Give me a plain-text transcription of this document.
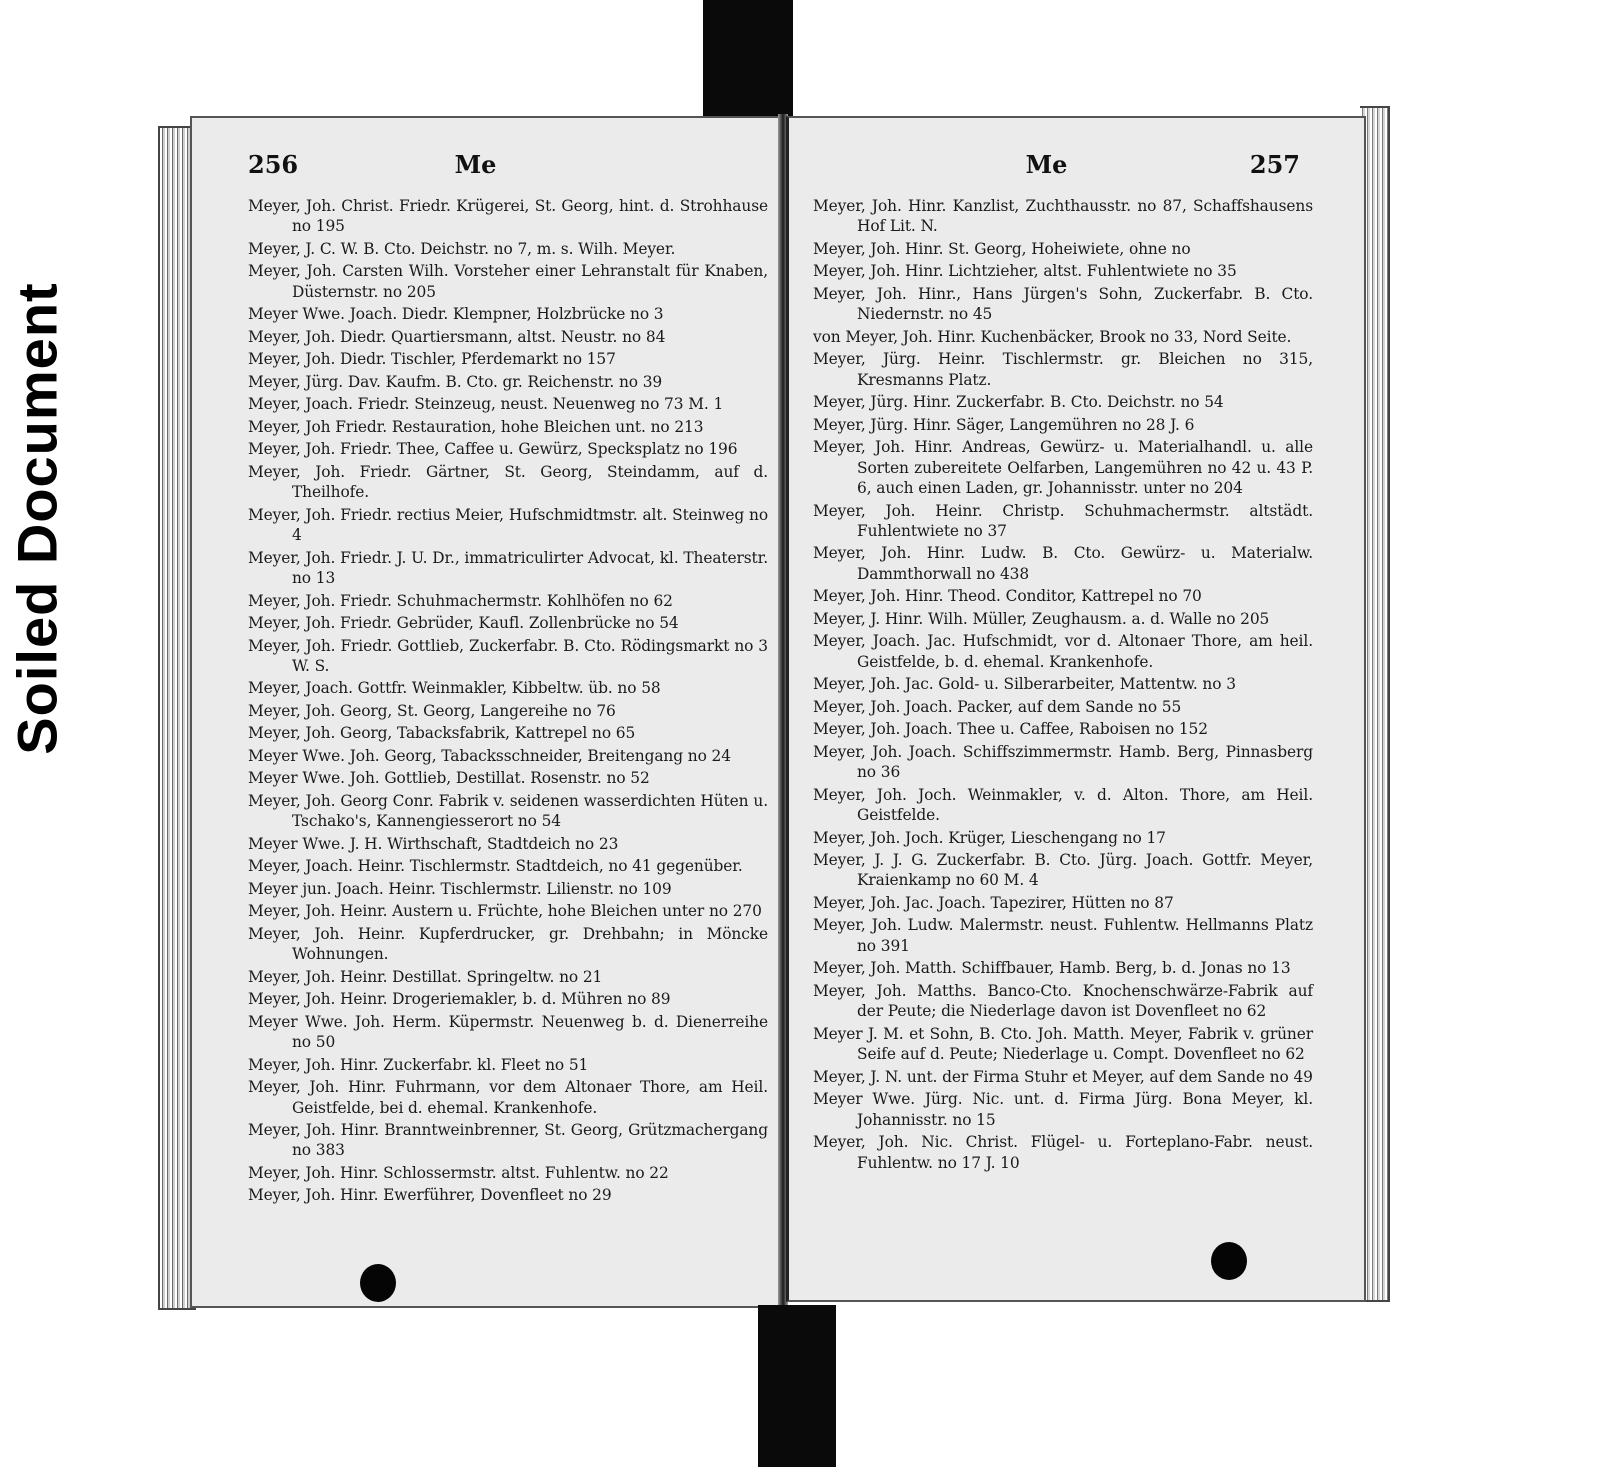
Soiled Document
256	Me
Meyer, Joh. Christ. Friedr. Krügerei, St. Georg, hint. d. Strohhause no 195
Meyer, J. C. W. B. Cto. Deichstr. no 7, m. s. Wilh. Meyer.
Meyer, Joh. Carsten Wilh. Vorsteher einer Lehranstalt für Knaben, Düsternstr. no 205
Meyer Wwe. Joach. Diedr. Klempner, Holzbrücke no 3
Meyer, Joh. Diedr. Quartiersmann, altst. Neustr. no 84
Meyer, Joh. Diedr. Tischler, Pferdemarkt no 157
Meyer, Jürg. Dav. Kaufm. B. Cto. gr. Reichenstr. no 39
Meyer, Joach. Friedr. Steinzeug, neust. Neuenweg no 73 M. 1
Meyer, Joh Friedr. Restauration, hohe Bleichen unt. no 213
Meyer, Joh. Friedr. Thee, Caffee u. Gewürz, Specksplatz no 196
Meyer, Joh. Friedr. Gärtner, St. Georg, Steindamm, auf d. Theilhofe.
Meyer, Joh. Friedr. rectius Meier, Hufschmidtmstr. alt. Steinweg no 4
Meyer, Joh. Friedr. J. U. Dr., immatriculirter Advocat, kl. Theaterstr. no 13
Meyer, Joh. Friedr. Schuhmachermstr. Kohlhöfen no 62
Meyer, Joh. Friedr. Gebrüder, Kaufl. Zollenbrücke no 54
Meyer, Joh. Friedr. Gottlieb, Zuckerfabr. B. Cto. Rödingsmarkt no 3 W. S.
Meyer, Joach. Gottfr. Weinmakler, Kibbeltw. üb. no 58
Meyer, Joh. Georg, St. Georg, Langereihe no 76
Meyer, Joh. Georg, Tabacksfabrik, Kattrepel no 65
Meyer Wwe. Joh. Georg, Tabacksschneider, Breitengang no 24
Meyer Wwe. Joh. Gottlieb, Destillat. Rosenstr. no 52
Meyer, Joh. Georg Conr. Fabrik v. seidenen wasserdichten Hüten u. Tschako's, Kannengiesserort no 54
Meyer Wwe. J. H. Wirthschaft, Stadtdeich no 23
Meyer, Joach. Heinr. Tischlermstr. Stadtdeich, no 41 gegenüber.
Meyer jun. Joach. Heinr. Tischlermstr. Lilienstr. no 109
Meyer, Joh. Heinr. Austern u. Früchte, hohe Bleichen unter no 270
Meyer, Joh. Heinr. Kupferdrucker, gr. Drehbahn; in Möncke Wohnungen.
Meyer, Joh. Heinr. Destillat. Springeltw. no 21
Meyer, Joh. Heinr. Drogeriemakler, b. d. Mühren no 89
Meyer Wwe. Joh. Herm. Küpermstr. Neuenweg b. d. Dienerreihe no 50
Meyer, Joh. Hinr. Zuckerfabr. kl. Fleet no 51
Meyer, Joh. Hinr. Fuhrmann, vor dem Altonaer Thore, am Heil. Geistfelde, bei d. ehemal. Krankenhofe.
Meyer, Joh. Hinr. Branntweinbrenner, St. Georg, Grützmachergang no 383
Meyer, Joh. Hinr. Schlossermstr. altst. Fuhlentw. no 22
Meyer, Joh. Hinr. Ewerführer, Dovenfleet no 29
Me	257
Meyer, Joh. Hinr. Kanzlist, Zuchthausstr. no 87, Schaffshausens Hof Lit. N.
Meyer, Joh. Hinr. St. Georg, Hoheiwiete, ohne no
Meyer, Joh. Hinr. Lichtzieher, altst. Fuhlentwiete no 35
Meyer, Joh. Hinr., Hans Jürgen's Sohn, Zuckerfabr. B. Cto. Niedernstr. no 45
von Meyer, Joh. Hinr. Kuchenbäcker, Brook no 33, Nord Seite.
Meyer, Jürg. Heinr. Tischlermstr. gr. Bleichen no 315, Kresmanns Platz.
Meyer, Jürg. Hinr. Zuckerfabr. B. Cto. Deichstr. no 54
Meyer, Jürg. Hinr. Säger, Langemühren no 28 J. 6
Meyer, Joh. Hinr. Andreas, Gewürz- u. Materialhandl. u. alle Sorten zubereitete Oelfarben, Langemühren no 42 u. 43 P. 6, auch einen Laden, gr. Johannisstr. unter no 204
Meyer, Joh. Heinr. Christp. Schuhmachermstr. altstädt. Fuhlentwiete no 37
Meyer, Joh. Hinr. Ludw. B. Cto. Gewürz- u. Materialw. Dammthorwall no 438
Meyer, Joh. Hinr. Theod. Conditor, Kattrepel no 70
Meyer, J. Hinr. Wilh. Müller, Zeughausm. a. d. Walle no 205
Meyer, Joach. Jac. Hufschmidt, vor d. Altonaer Thore, am heil. Geistfelde, b. d. ehemal. Krankenhofe.
Meyer, Joh. Jac. Gold- u. Silberarbeiter, Mattentw. no 3
Meyer, Joh. Joach. Packer, auf dem Sande no 55
Meyer, Joh. Joach. Thee u. Caffee, Raboisen no 152
Meyer, Joh. Joach. Schiffszimmermstr. Hamb. Berg, Pinnasberg no 36
Meyer, Joh. Joch. Weinmakler, v. d. Alton. Thore, am Heil. Geistfelde.
Meyer, Joh. Joch. Krüger, Lieschengang no 17
Meyer, J. J. G. Zuckerfabr. B. Cto. Jürg. Joach. Gottfr. Meyer, Kraienkamp no 60 M. 4
Meyer, Joh. Jac. Joach. Tapezirer, Hütten no 87
Meyer, Joh. Ludw. Malermstr. neust. Fuhlentw. Hellmanns Platz no 391
Meyer, Joh. Matth. Schiffbauer, Hamb. Berg, b. d. Jonas no 13
Meyer, Joh. Matths. Banco-Cto. Knochenschwärze-Fabrik auf der Peute; die Niederlage davon ist Dovenfleet no 62
Meyer J. M. et Sohn, B. Cto. Joh. Matth. Meyer, Fabrik v. grüner Seife auf d. Peute; Niederlage u. Compt. Dovenfleet no 62
Meyer, J. N. unt. der Firma Stuhr et Meyer, auf dem Sande no 49
Meyer Wwe. Jürg. Nic. unt. d. Firma Jürg. Bona Meyer, kl. Johannisstr. no 15
Meyer, Joh. Nic. Christ. Flügel- u. Forteplano-Fabr. neust. Fuhlentw. no 17 J. 10
